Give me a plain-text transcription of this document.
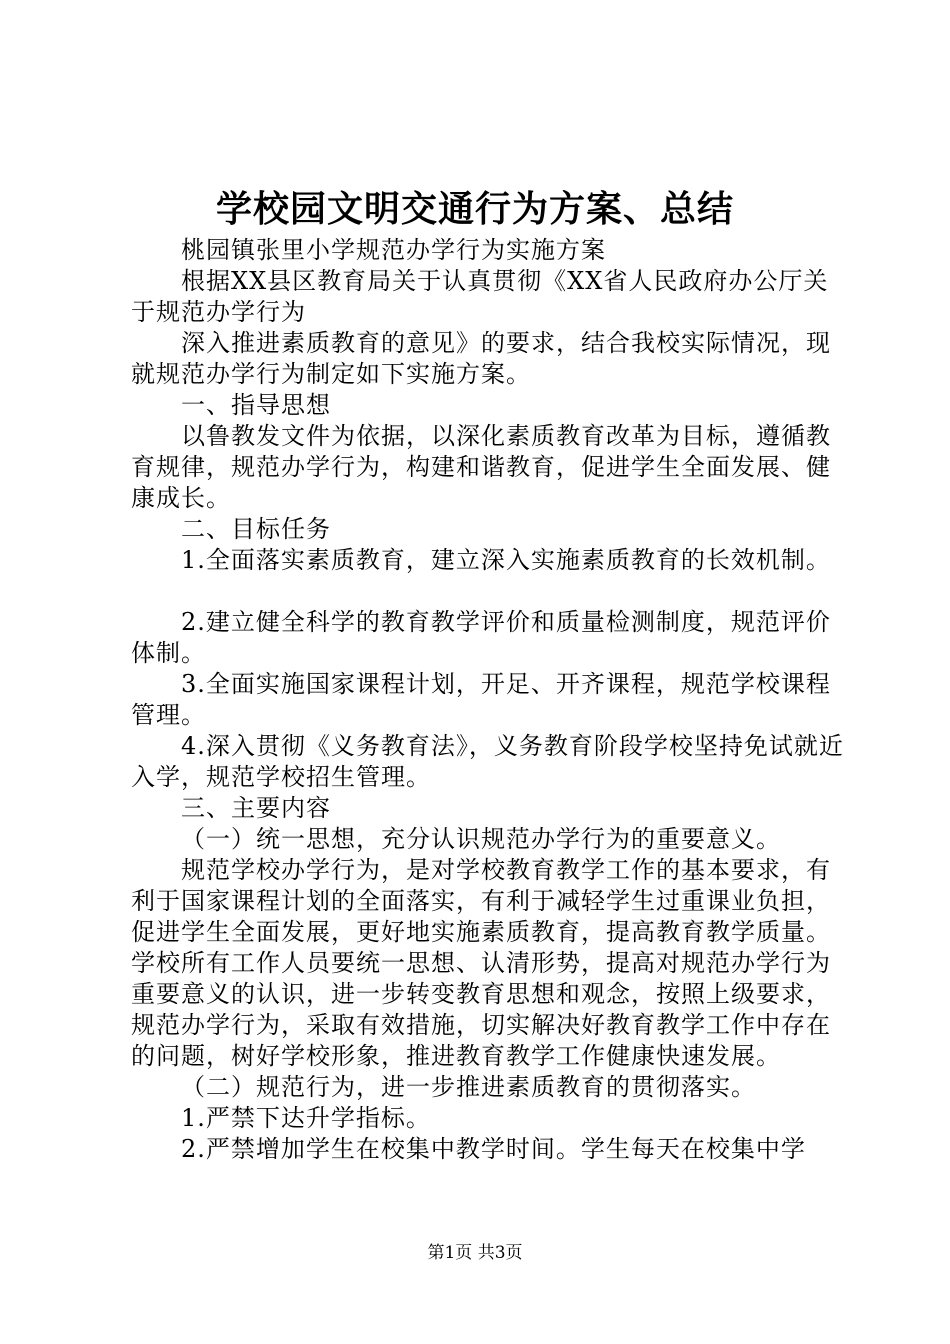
学校园文明交通行为方案、总结

桃园镇张里小学规范办学行为实施方案

根据XX县区教育局关于认真贯彻《XX省人民政府办公厅关于规范办学行为

深入推进素质教育的意见》的要求，结合我校实际情况，现就规范办学行为制定如下实施方案。

一、指导思想

以鲁教发文件为依据，以深化素质教育改革为目标，遵循教育规律，规范办学行为，构建和谐教育，促进学生全面发展、健康成长。

二、目标任务

1.全面落实素质教育，建立深入实施素质教育的长效机制。

2.建立健全科学的教育教学评价和质量检测制度，规范评价体制。

3.全面实施国家课程计划，开足、开齐课程，规范学校课程管理。

4.深入贯彻《义务教育法》，义务教育阶段学校坚持免试就近入学，规范学校招生管理。

三、主要内容

（一）统一思想，充分认识规范办学行为的重要意义。

规范学校办学行为，是对学校教育教学工作的基本要求，有利于国家课程计划的全面落实，有利于减轻学生过重课业负担，促进学生全面发展，更好地实施素质教育，提高教育教学质量。学校所有工作人员要统一思想、认清形势，提高对规范办学行为重要意义的认识，进一步转变教育思想和观念，按照上级要求，规范办学行为，采取有效措施，切实解决好教育教学工作中存在的问题，树好学校形象，推进教育教学工作健康快速发展。

（二）规范行为，进一步推进素质教育的贯彻落实。

1.严禁下达升学指标。

2.严禁增加学生在校集中教学时间。学生每天在校集中学

第1页 共3页
